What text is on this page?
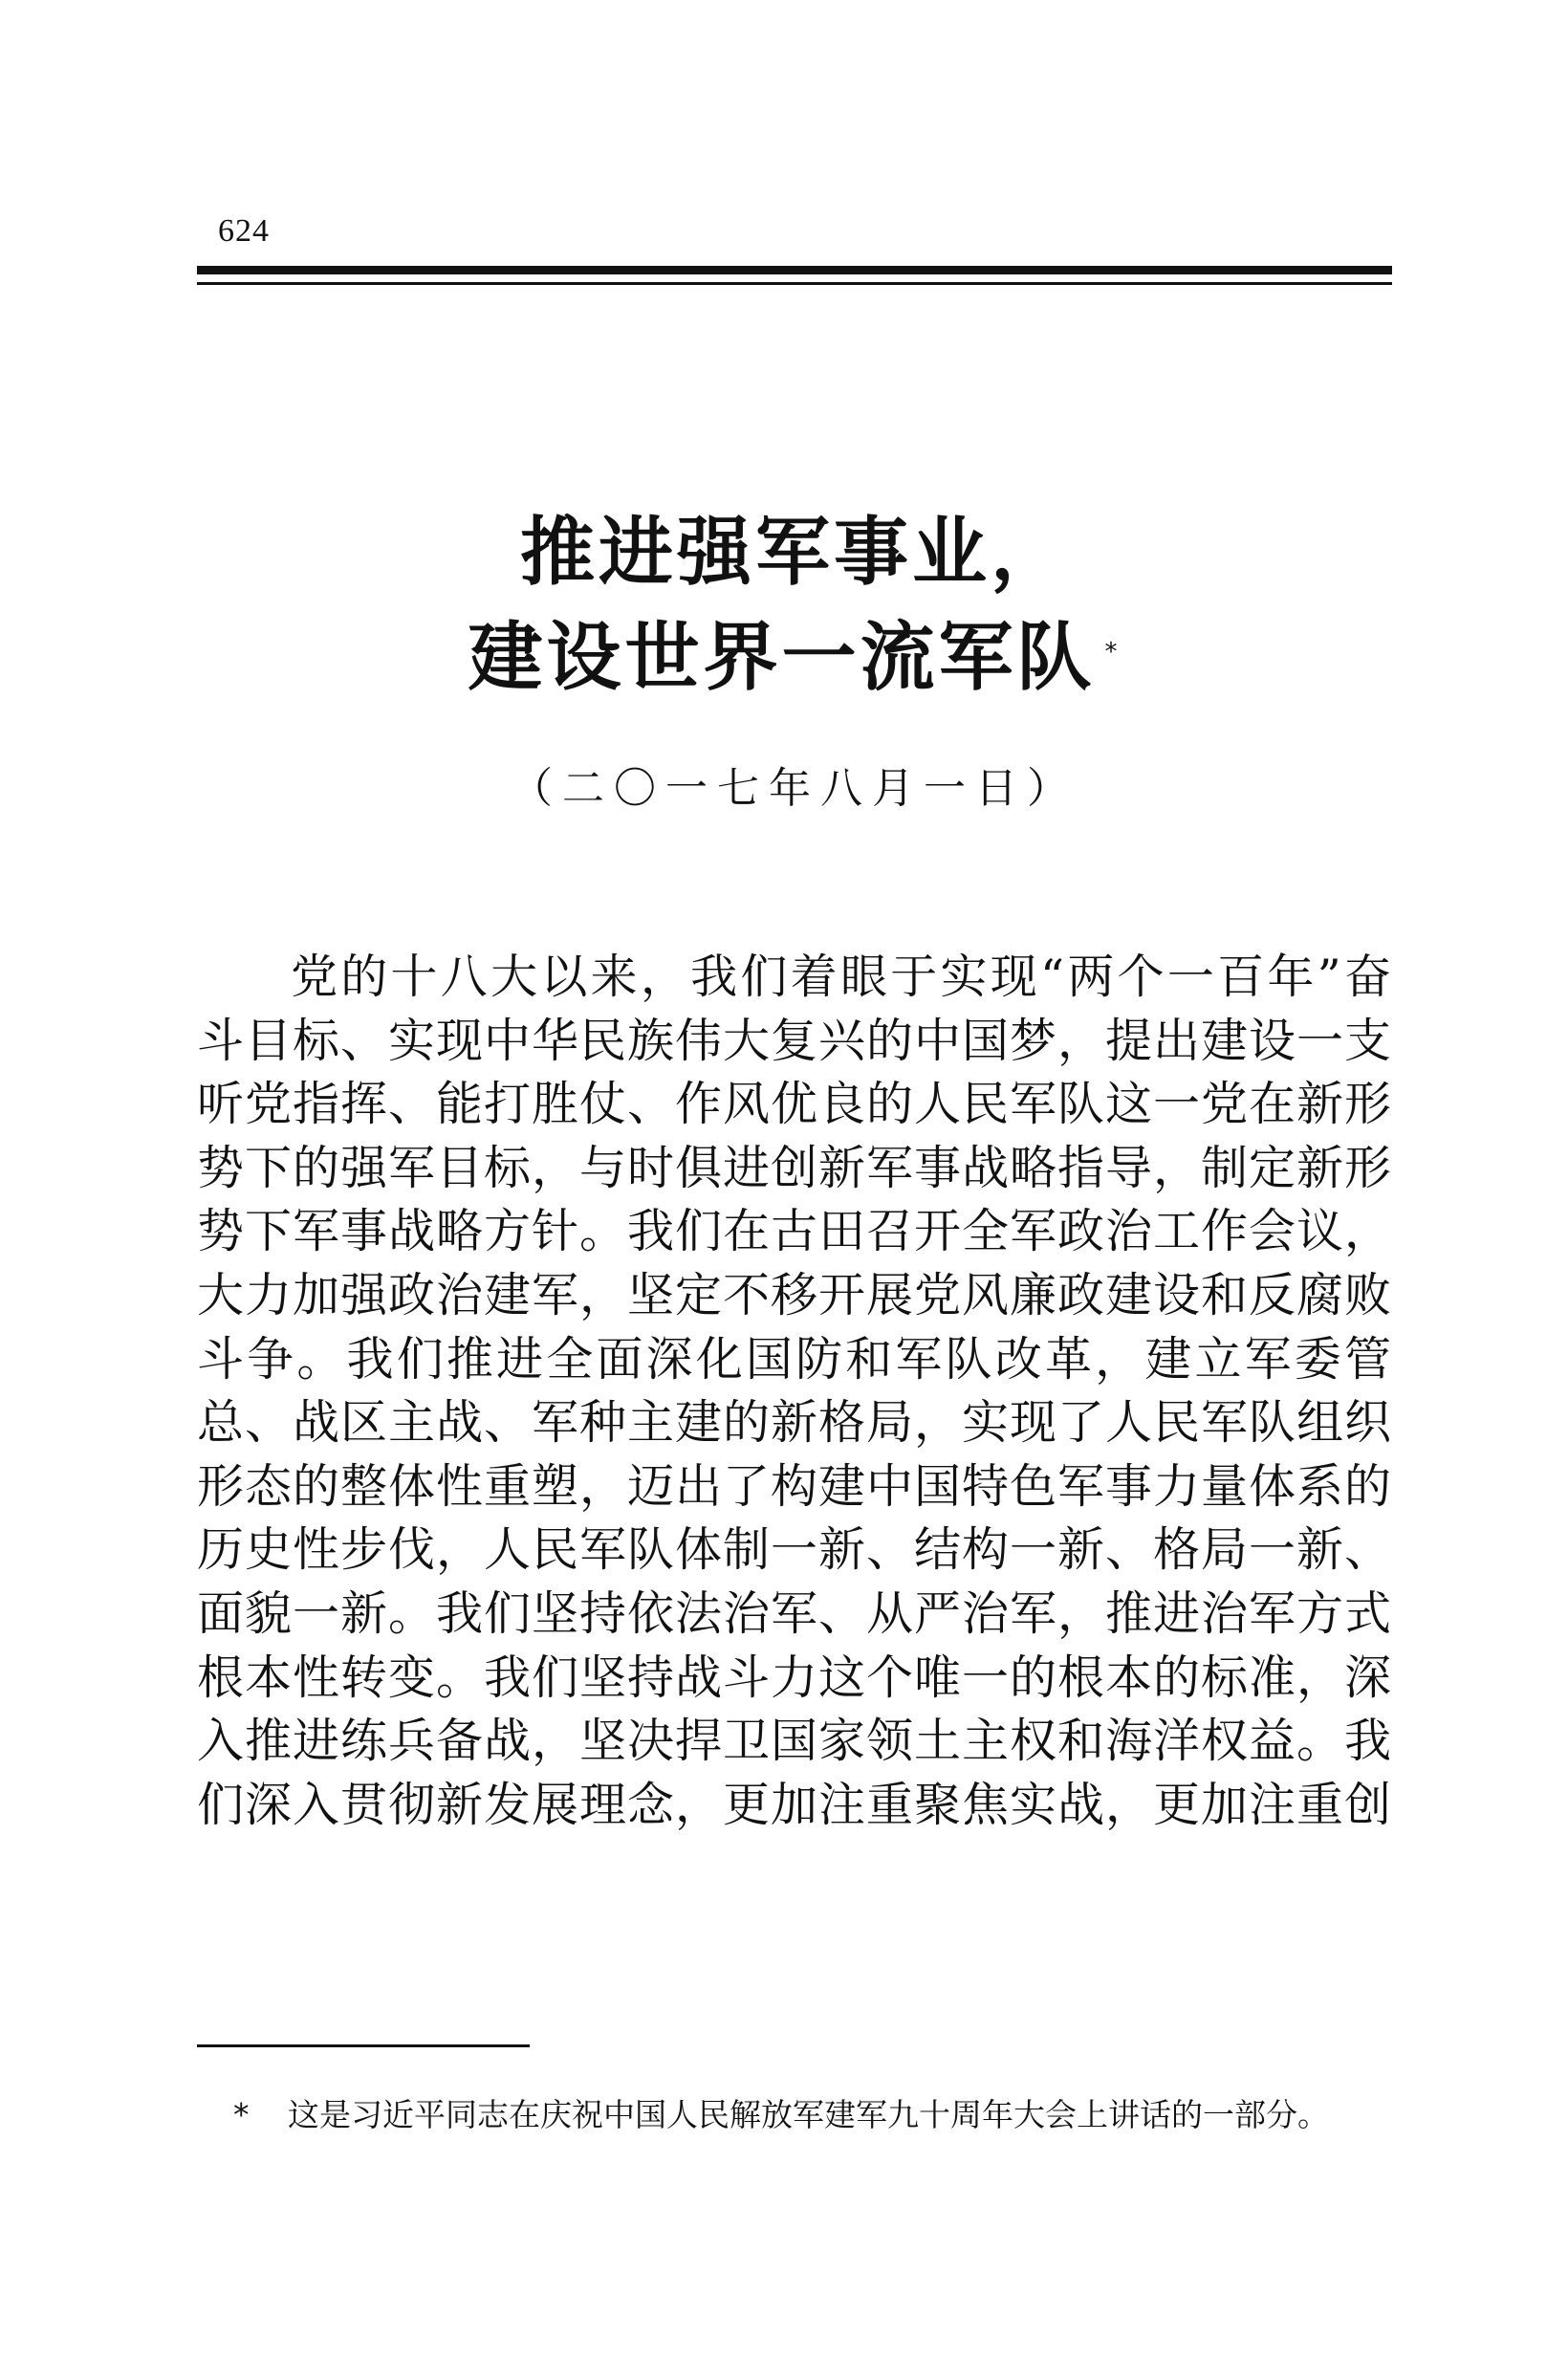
624
推进强军事业，
建设世界一流军队 *
（二〇一七年八月一日）

党的十八大以来，我们着眼于实现“两个一百年”奋斗目标、实现中华民族伟大复兴的中国梦，提出建设一支听党指挥、能打胜仗、作风优良的人民军队这一党在新形势下的强军目标，与时俱进创新军事战略指导，制定新形势下军事战略方针。我们在古田召开全军政治工作会议，大力加强政治建军，坚定不移开展党风廉政建设和反腐败斗争。我们推进全面深化国防和军队改革，建立军委管总、战区主战、军种主建的新格局，实现了人民军队组织形态的整体性重塑，迈出了构建中国特色军事力量体系的历史性步伐，人民军队体制一新、结构一新、格局一新、面貌一新。我们坚持依法治军、从严治军，推进治军方式根本性转变。我们坚持战斗力这个唯一的根本的标准，深入推进练兵备战，坚决捍卫国家领土主权和海洋权益。我们深入贯彻新发展理念，更加注重聚焦实战，更加注重创

* 这是习近平同志在庆祝中国人民解放军建军九十周年大会上讲话的一部分。
